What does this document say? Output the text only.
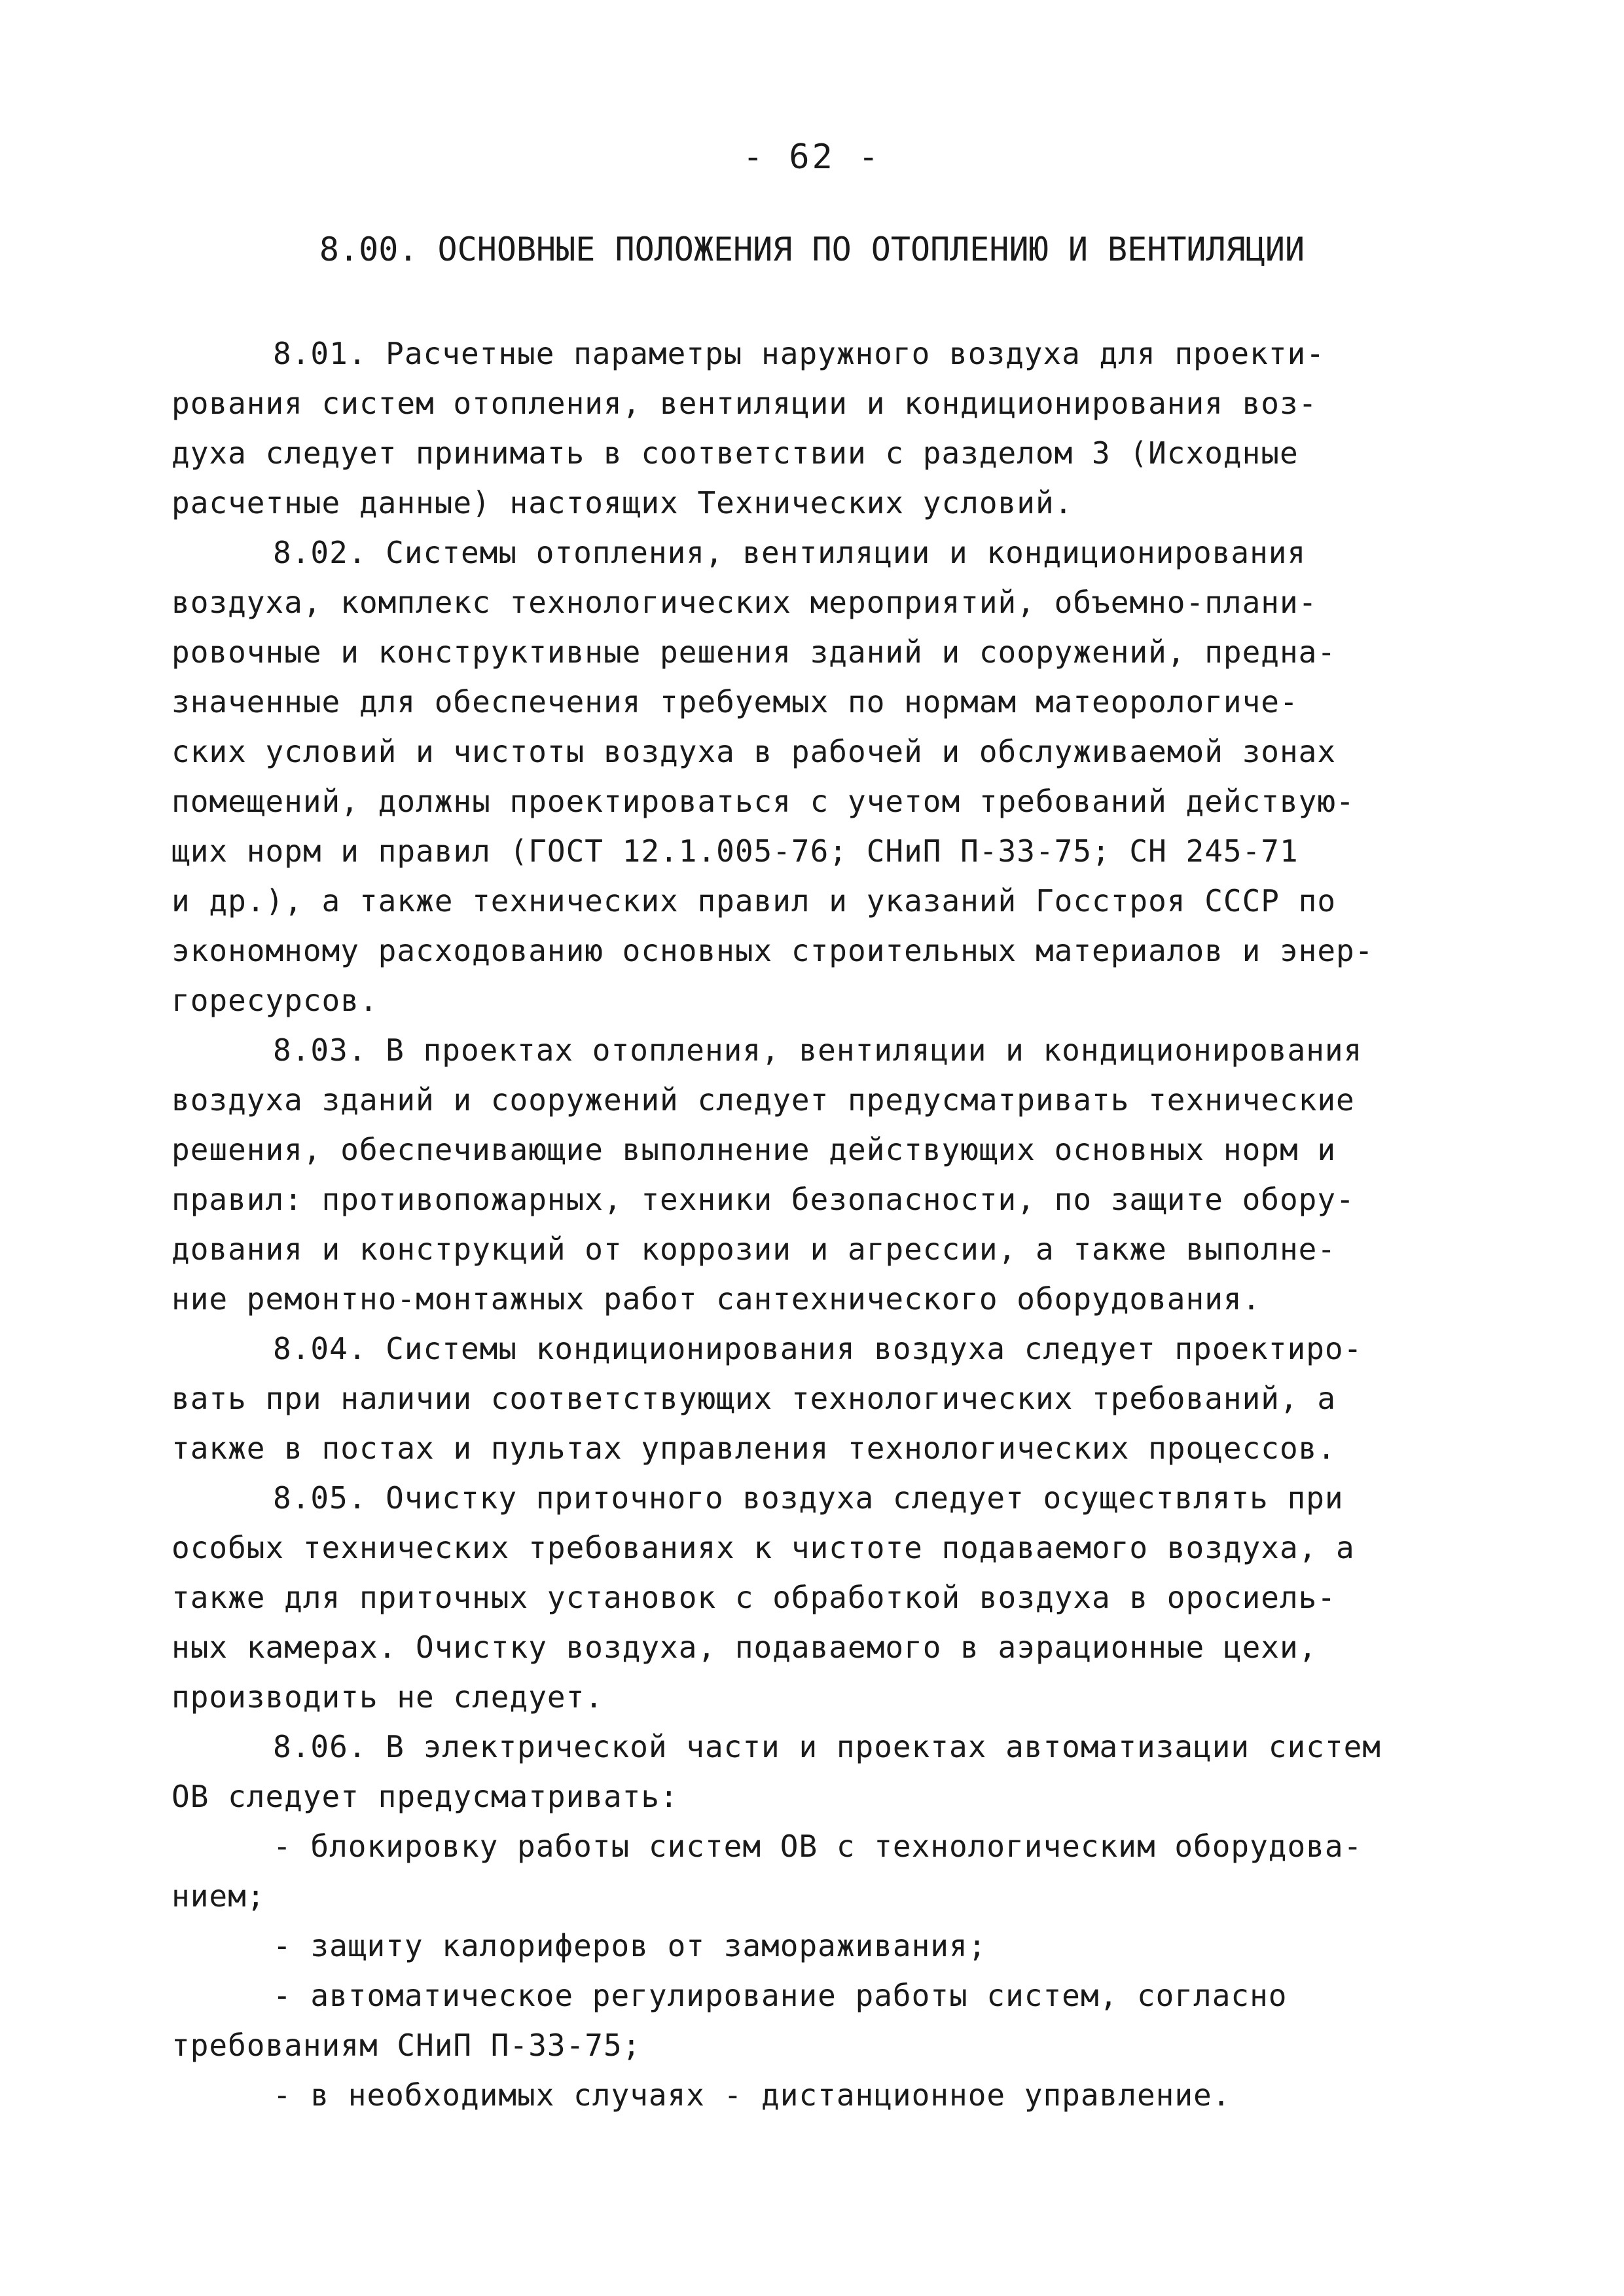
- 62 -
8.00. ОСНОВНЫЕ ПОЛОЖЕНИЯ ПО ОТОПЛЕНИЮ И ВЕНТИЛЯЦИИ
8.01. Расчетные параметры наружного воздуха для проекти-
рования систем отопления, вентиляции и кондиционирования воз-
духа следует принимать в соответствии с разделом 3 (Исходные
расчетные данные) настоящих Технических условий.
8.02. Системы отопления, вентиляции и кондиционирования
воздуха, комплекс технологических мероприятий, объемно-плани-
ровочные и конструктивные решения зданий и сооружений, предна-
значенные для обеспечения требуемых по нормам матеорологиче-
ских условий и чистоты воздуха в рабочей и обслуживаемой зонах
помещений, должны проектироваться с учетом требований действую-
щих норм и правил (ГОСТ 12.1.005-76; СНиП П-33-75; СН 245-71
и др.), а также технических правил и указаний Госстроя СССР по
экономному расходованию основных строительных материалов и энер-
горесурсов.
8.03. В проектах отопления, вентиляции и кондиционирования
воздуха зданий и сооружений следует предусматривать технические
решения, обеспечивающие выполнение действующих основных норм и
правил: противопожарных, техники безопасности, по защите обору-
дования и конструкций от коррозии и агрессии, а также выполне-
ние ремонтно-монтажных работ сантехнического оборудования.
8.04. Системы кондиционирования воздуха следует проектиро-
вать при наличии соответствующих технологических требований, а
также в постах и пультах управления технологических процессов.
8.05. Очистку приточного воздуха следует осуществлять при
особых технических требованиях к чистоте подаваемого воздуха, а
также для приточных установок с обработкой воздуха в оросиель-
ных камерах. Очистку воздуха, подаваемого в аэрационные цехи,
производить не следует.
8.06. В электрической части и проектах автоматизации систем
ОВ следует предусматривать:
- блокировку работы систем ОВ с технологическим оборудова-
нием;
- защиту калориферов от замораживания;
- автоматическое регулирование работы систем, согласно
требованиям СНиП П-33-75;
- в необходимых случаях - дистанционное управление.
